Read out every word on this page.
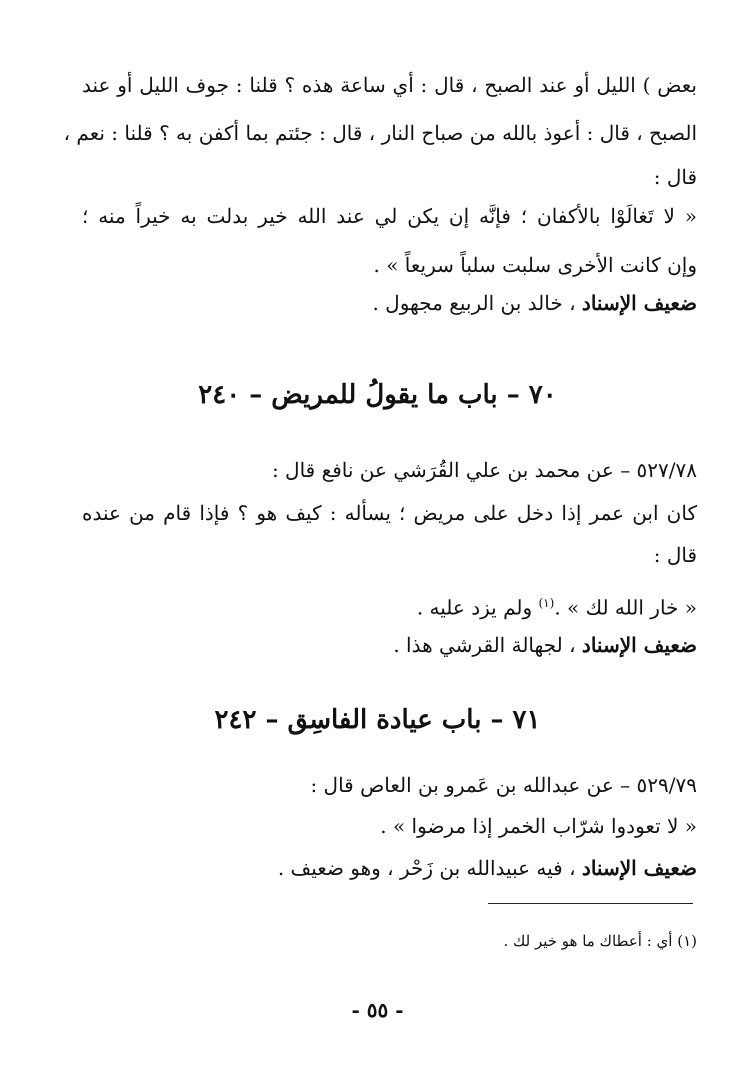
بعض ) الليل أو عند الصبح ، قال : أي ساعة هذه ؟ قلنا : جوف الليل أو عند
الصبح ، قال : أعوذ بالله من صباح النار ، قال : جئتم بما أكفن به ؟ قلنا : نعم ،
قال :
« لا تَغالَوْا بالأكفان ؛ فإنَّه إن يكن لي عند الله خير بدلت به خيراً منه ؛
وإن كانت الأخرى سلبت سلباً سريعاً » .
ضعيف الإسناد ، خالد بن الربيع مجهول .
٧٠ – باب ما يقولُ للمريض – ٢٤٠
٥٢٧/٧٨ – عن محمد بن علي القُرَشي عن نافع قال :
كان ابن عمر إذا دخل على مريض ؛ يسأله : كيف هو ؟ فإذا قام من عنده
قال :
« خار الله لك » .$^{(١)}$ ولم يزد عليه .
ضعيف الإسناد ، لجهالة القرشي هذا .
٧١ – باب عيادة الفاسِق – ٢٤٢
٥٢٩/٧٩ – عن عبدالله بن عَمرو بن العاص قال :
« لا تعودوا شرّاب الخمر إذا مرضوا » .
ضعيف الإسناد ، فيه عبيدالله بن زَحْر ، وهو ضعيف .
(١) أي : أعطاك ما هو خير لك .
- ٥٥ -
